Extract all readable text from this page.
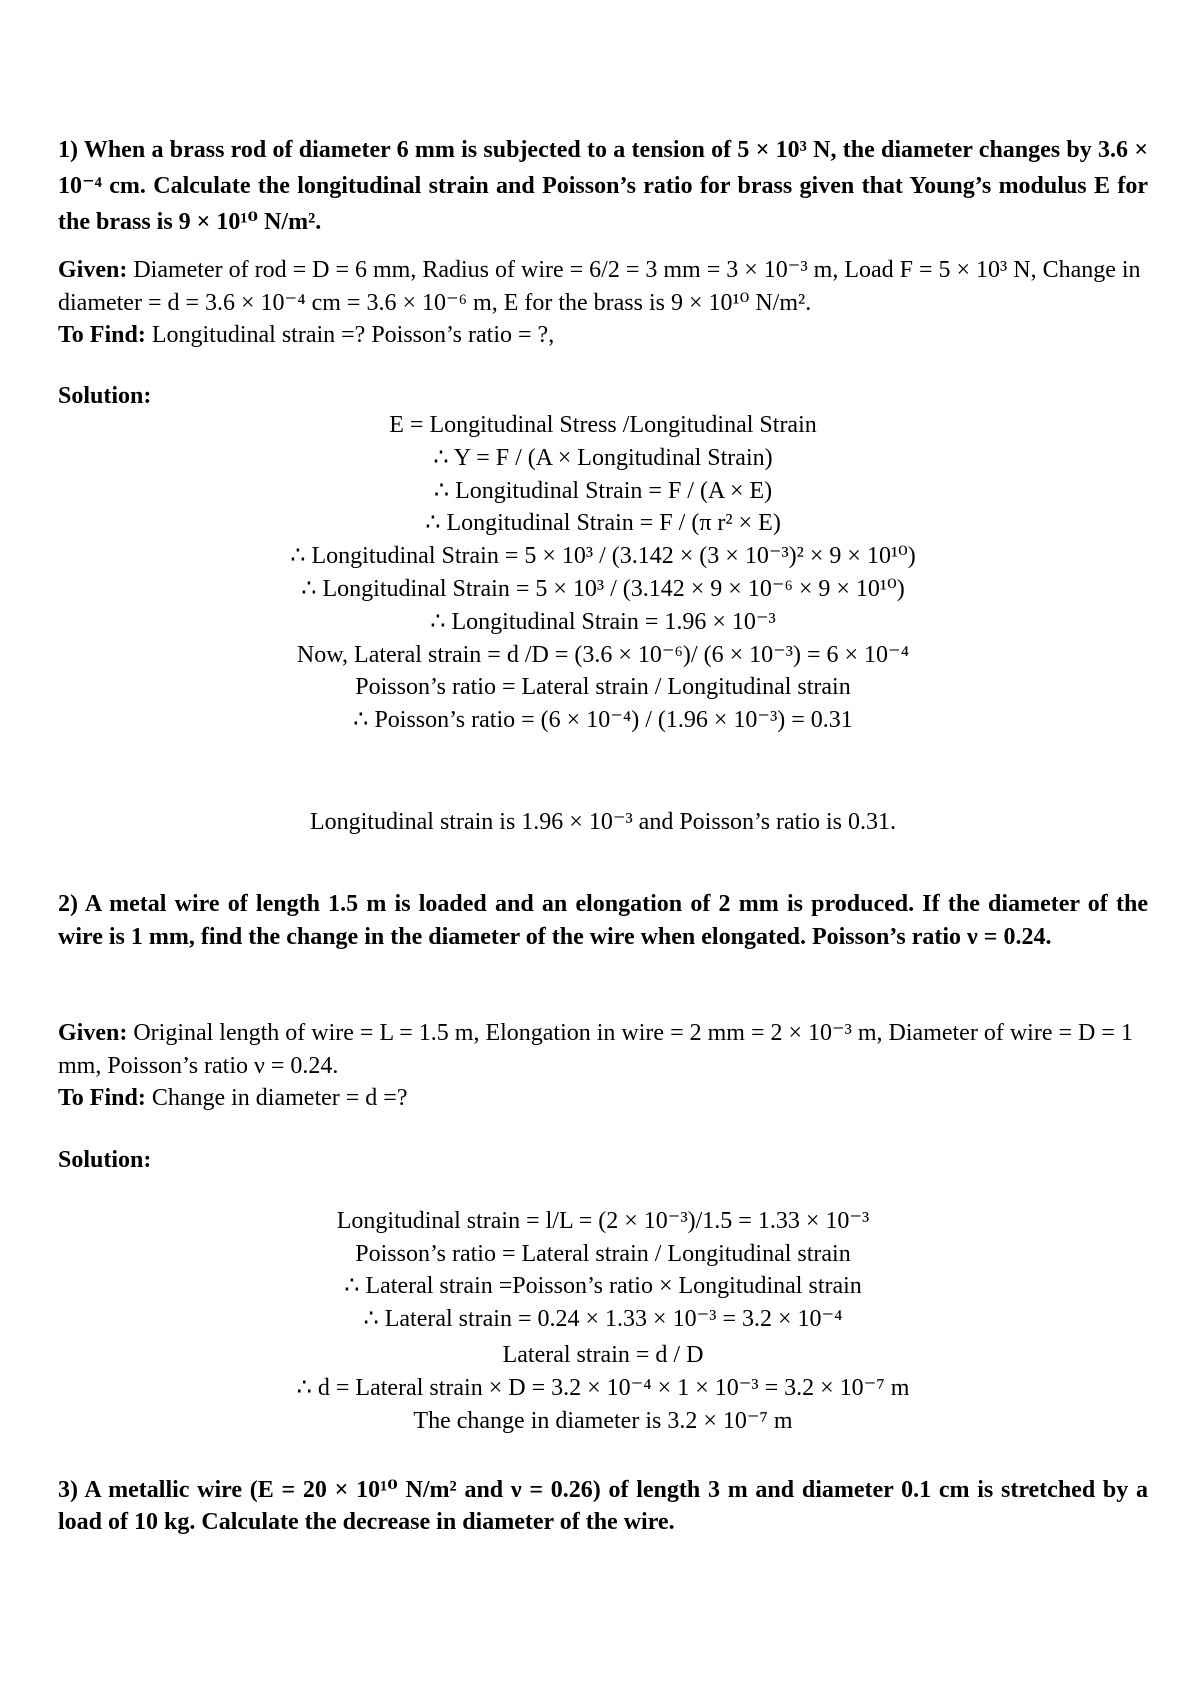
1) When a brass rod of diameter 6 mm is subjected to a tension of 5 × 10³ N, the diameter changes by 3.6 × 10⁻⁴ cm. Calculate the longitudinal strain and Poisson’s ratio for brass given that Young’s modulus E for the brass is 9 × 10¹⁰ N/m².
Given: Diameter of rod = D = 6 mm, Radius of wire = 6/2 = 3 mm = 3 × 10⁻³ m, Load F = 5 × 10³ N, Change in diameter = d = 3.6 × 10⁻⁴ cm = 3.6 × 10⁻⁶ m, E for the brass is 9 × 10¹⁰ N/m².
To Find: Longitudinal strain =? Poisson’s ratio = ?,
Solution:
E = Longitudinal Stress /Longitudinal Strain
∴ Y = F / (A × Longitudinal Strain)
∴ Longitudinal Strain = F / (A × E)
∴ Longitudinal Strain = F / (π r² × E)
∴ Longitudinal Strain = 5 × 10³ / (3.142 × (3 × 10⁻³)² × 9 × 10¹⁰)
∴ Longitudinal Strain = 5 × 10³ / (3.142 × 9 × 10⁻⁶ × 9 × 10¹⁰)
∴ Longitudinal Strain = 1.96 × 10⁻³
Now, Lateral strain = d /D = (3.6 × 10⁻⁶)/ (6 × 10⁻³) = 6 × 10⁻⁴
Poisson’s ratio = Lateral strain / Longitudinal strain
∴ Poisson’s ratio = (6 × 10⁻⁴) / (1.96 × 10⁻³) = 0.31
Longitudinal strain is 1.96 × 10⁻³ and Poisson’s ratio is 0.31.
2) A metal wire of length 1.5 m is loaded and an elongation of 2 mm is produced. If the diameter of the wire is 1 mm, find the change in the diameter of the wire when elongated. Poisson’s ratio ν = 0.24.
Given: Original length of wire = L = 1.5 m, Elongation in wire = 2 mm = 2 × 10⁻³ m, Diameter of wire = D = 1 mm, Poisson’s ratio ν = 0.24.
To Find: Change in diameter = d =?
Solution:
Longitudinal strain = l/L = (2 × 10⁻³)/1.5 = 1.33 × 10⁻³
Poisson’s ratio = Lateral strain / Longitudinal strain
∴ Lateral strain =Poisson’s ratio × Longitudinal strain
∴ Lateral strain = 0.24 × 1.33 × 10⁻³ = 3.2 × 10⁻⁴
Lateral strain = d / D
∴ d = Lateral strain × D = 3.2 × 10⁻⁴ × 1 × 10⁻³ = 3.2 × 10⁻⁷ m
The change in diameter is 3.2 × 10⁻⁷ m
3) A metallic wire (E = 20 × 10¹⁰ N/m² and ν = 0.26) of length 3 m and diameter 0.1 cm is stretched by a load of 10 kg. Calculate the decrease in diameter of the wire.
